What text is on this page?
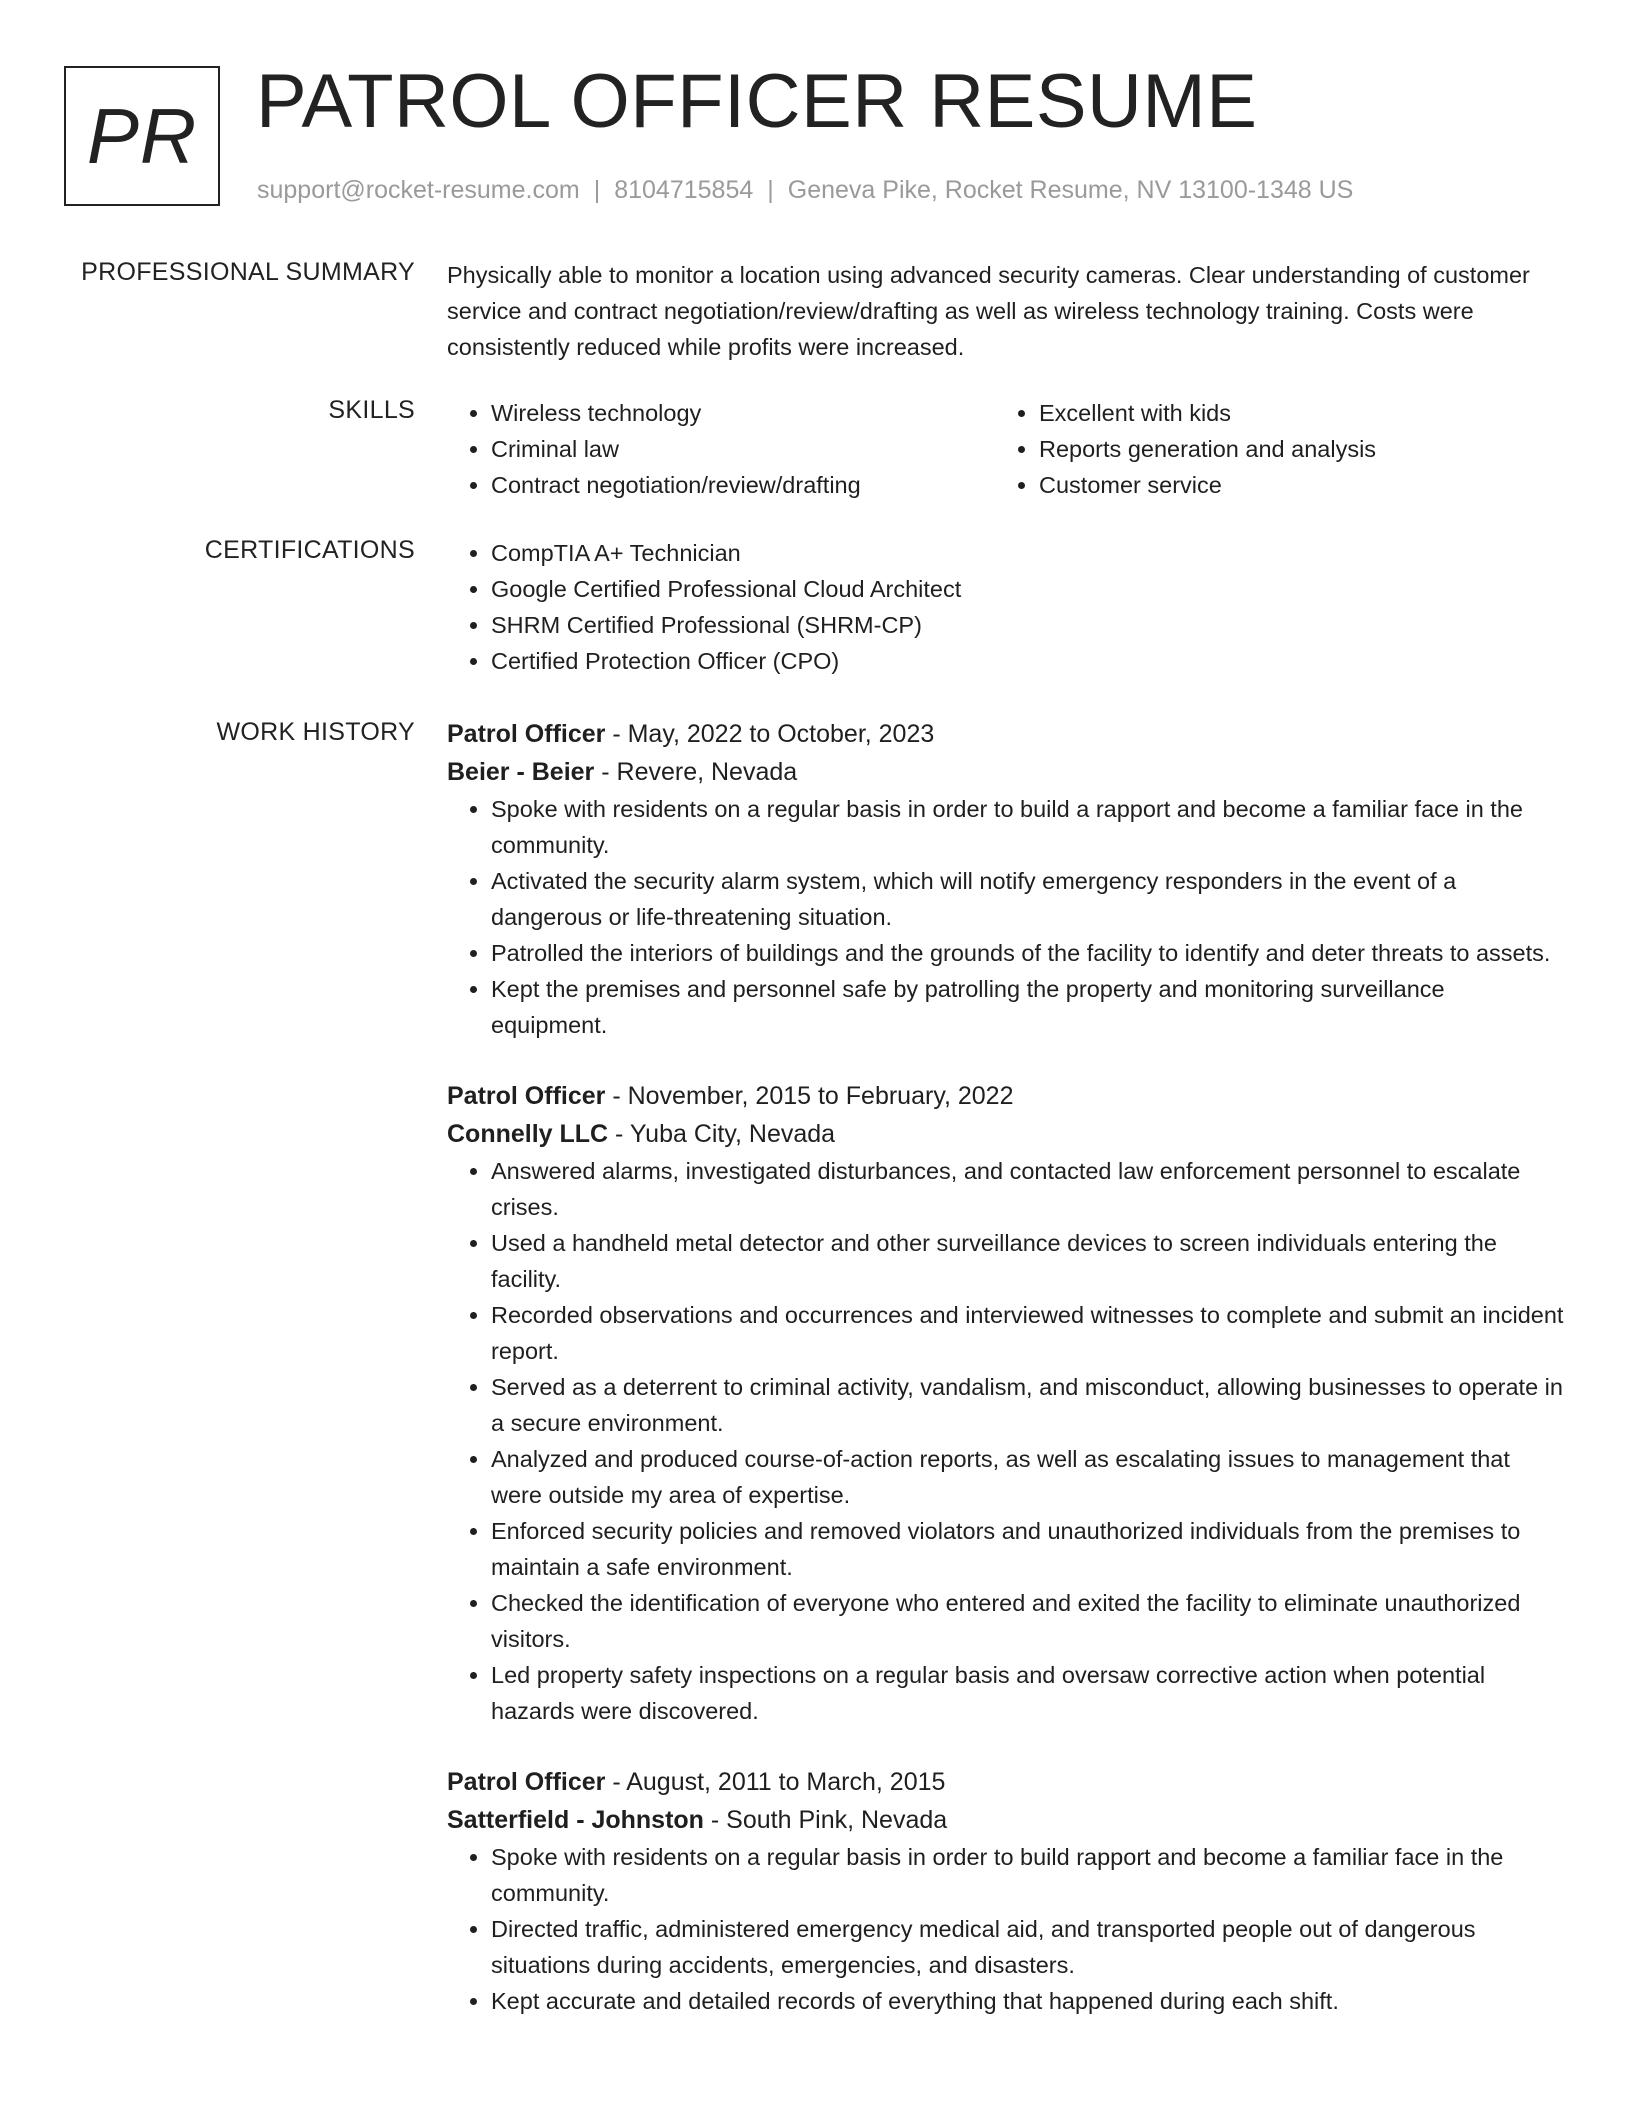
PR PATROL OFFICER RESUME
support@rocket-resume.com | 8104715854 | Geneva Pike, Rocket Resume, NV 13100-1348 US
PROFESSIONAL SUMMARY Physically able to monitor a location using advanced security cameras. Clear understanding of customer service and contract negotiation/review/drafting as well as wireless technology training. Costs were consistently reduced while profits were increased.

SKILLS	• Wireless technology
• Criminal law
• Contract negotiation/review/drafting
• Excellent with kids
• Reports generation and analysis
• Customer service
CERTIFICATIONS	• CompTIA A+ Technician
• Google Certified Professional Cloud Architect
• SHRM Certified Professional (SHRM-CP)
• Certified Protection Officer (CPO)
WORK HISTORY Patrol Officer - May, 2022 to October, 2023
Beier - Beier - Revere, Nevada
• Spoke with residents on a regular basis in order to build a rapport and become a familiar face in the community.
• Activated the security alarm system, which will notify emergency responders in the event of a dangerous or life-threatening situation.
• Patrolled the interiors of buildings and the grounds of the facility to identify and deter threats to assets.
• Kept the premises and personnel safe by patrolling the property and monitoring surveillance equipment.
Patrol Officer - November, 2015 to February, 2022
Connelly LLC - Yuba City, Nevada
• Answered alarms, investigated disturbances, and contacted law enforcement personnel to escalate crises.
• Used a handheld metal detector and other surveillance devices to screen individuals entering the facility.
• Recorded observations and occurrences and interviewed witnesses to complete and submit an incident report.
• Served as a deterrent to criminal activity, vandalism, and misconduct, allowing businesses to operate in a secure environment.
• Analyzed and produced course-of-action reports, as well as escalating issues to management that were outside my area of expertise.
• Enforced security policies and removed violators and unauthorized individuals from the premises to maintain a safe environment.
• Checked the identification of everyone who entered and exited the facility to eliminate unauthorized visitors.
• Led property safety inspections on a regular basis and oversaw corrective action when potential hazards were discovered.
Patrol Officer - August, 2011 to March, 2015
Satterfield - Johnston - South Pink, Nevada
• Spoke with residents on a regular basis in order to build rapport and become a familiar face in the community.
• Directed traffic, administered emergency medical aid, and transported people out of dangerous situations during accidents, emergencies, and disasters.
• Kept accurate and detailed records of everything that happened during each shift.
